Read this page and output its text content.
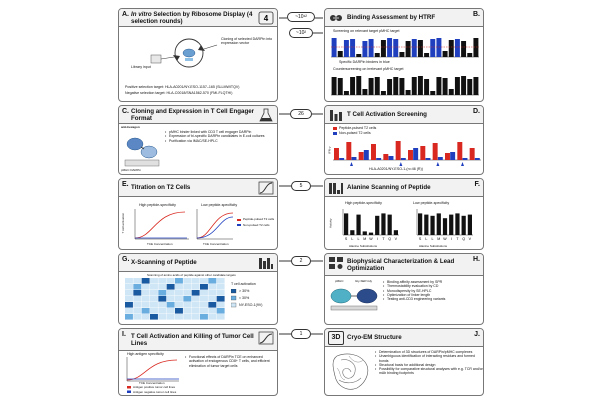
~10¹²
~10²
26
5
2
1
A. In vitro Selection by Ribosome Display (4 selection rounds)	4
Library input
Cloning of selected DARPin into expression vector
Positive selection target: HLA-A0201/NY-ESO-1157–165 (SLLMWITQV)
Negative selection target: HLA-C0018/SNA1562-570 (FMI-FLQTHI)
Binding Assessment by HTRF	B.
Screening on relevant target pMHC target
Specific DARPin binders in blue
Counterscreening on irrelevant pMHC target
C. Cloning and Expression in T Cell Engager Format
anti-hexagon
pMHC DARPin
• pMHC binder linked with CD3 T cell engager DARPin
• Expression of bi-specific DARPin candidates in E.coli cultures
• Purification via IMAC/SE-HPLC
T Cell Activation Screening	D.
Peptide-pulsed T2 cells
Non-pulsed T2 cells
IFN-γ
HLA-A0201/NY-ESO-1-(n=46 (R))
E. Titration on T2 Cells
High peptide-specificity	Low peptide-specificity
Peptide-pulsed T2 cells
Non-pulsed T2 cells
T cell activation
TCE Concentration	TCE Concentration
Alanine Scanning of Peptide	F.
High peptide-specificity	Low peptide-specificity
S L L M W I T Q V	S L L M W I T Q V
Alanine Substitutions	Alanine Substitutions
Activity
G. X-Scanning of Peptide
Scanning of amino acids of peptide against other candidate targets
T cell activation
> 30%
≈ 30%
NY-ESO-1(9V)
Biophysical Characterization & Lead Optimization
H.
pMHC	Gly-SEP-Gly
•	Binding affinity assessment by SPR
• Thermostability evaluation by CD
• Monodispersity by SE-HPLC
• Optimization of linker length
• Testing anti-CD3 engineering variants
I. T Cell Activation and Killing of Tumor Cell Lines
High antigen specificity
TCE Concentration
Antigen positive tumor cell lines
Antigen negative tumor cell lines
• Functional effects of DARPin TCE on enhanced activation of endogenous CD8+ T cells, and efficient elimination of tumor target cells
3D	Cryo-EM Structure	J.
• Determination of 3D structures of DARPin/pMHC complexes
• Unambiguous identification of interacting residues and formed bonds
• Structural basis for additional design
• Possibility for comparative structural analyses with e.g. TCR and/or mAb binding footprints
